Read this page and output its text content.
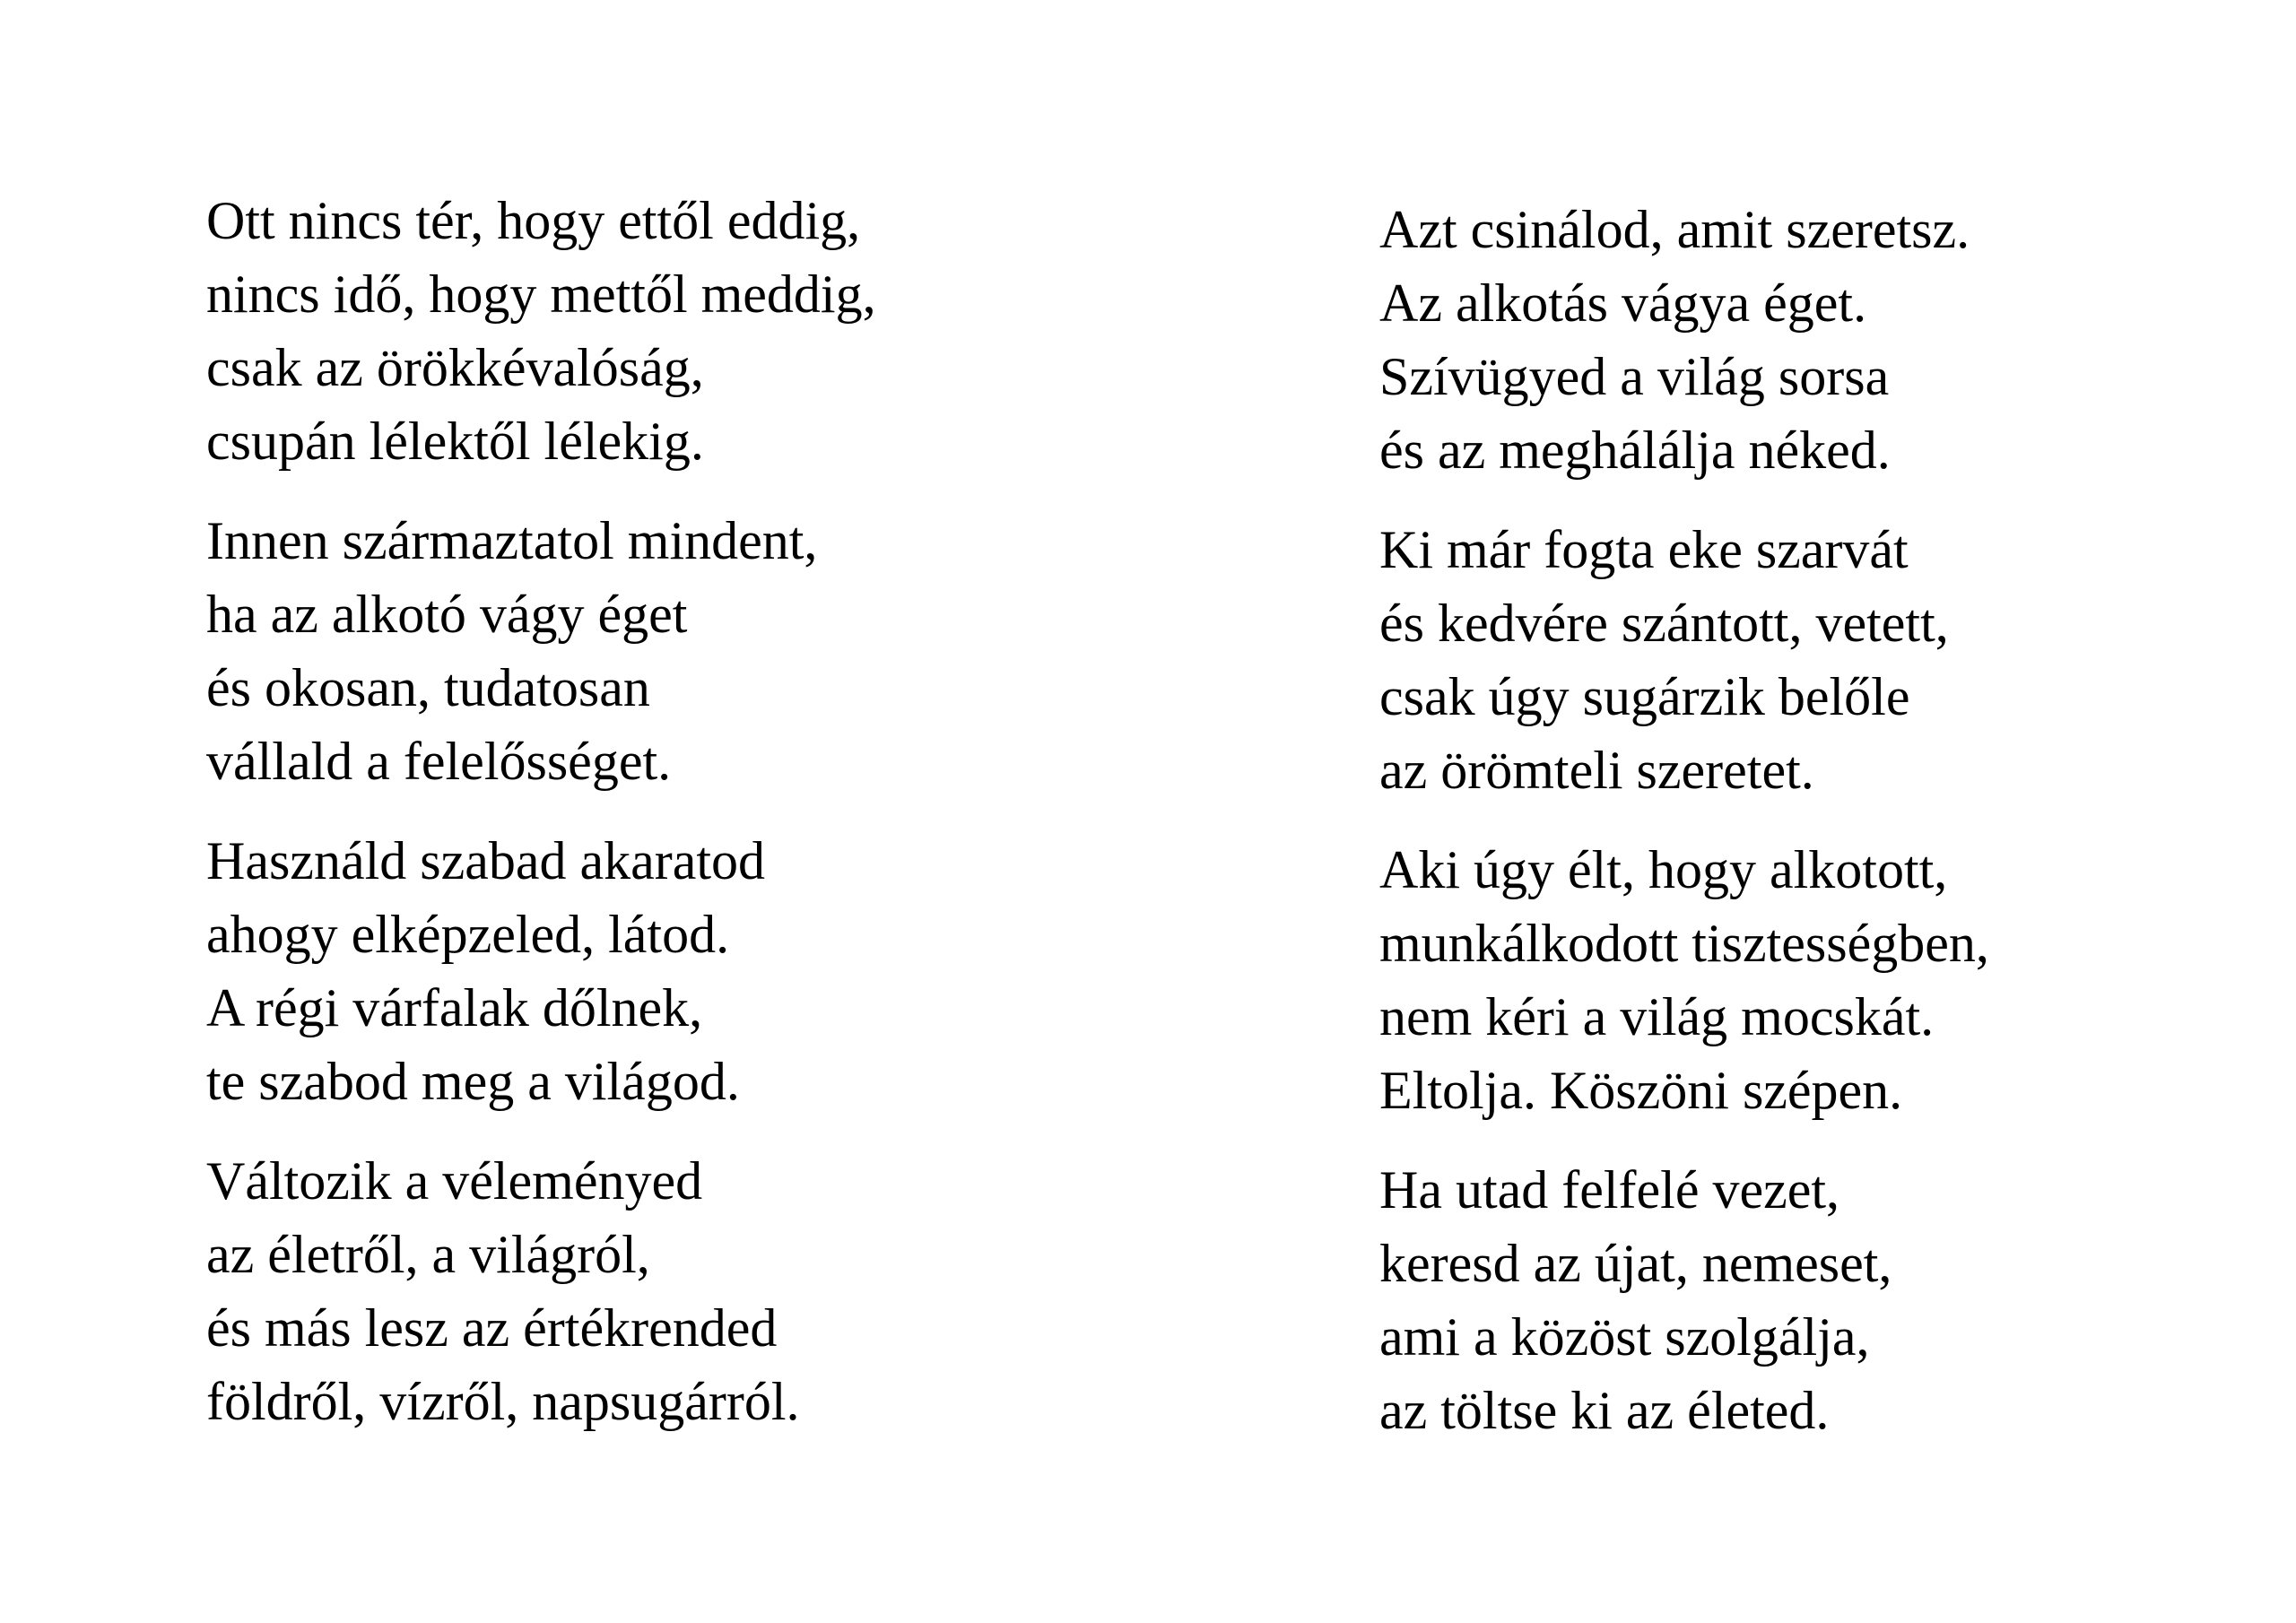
Ott nincs tér, hogy ettől eddig,
nincs idő, hogy mettől meddig,
csak az örökkévalóság,
csupán lélektől lélekig.
Innen származtatol mindent,
ha az alkotó vágy éget
és okosan, tudatosan
vállald a felelősséget.
Használd szabad akaratod
ahogy elképzeled, látod.
A régi várfalak dőlnek,
te szabod meg a világod.
Változik a véleményed
az életről, a világról,
és más lesz az értékrended
földről, vízről, napsugárról.
Azt csinálod, amit szeretsz.
Az alkotás vágya éget.
Szívügyed a világ sorsa
és az meghálálja néked.
Ki már fogta eke szarvát
és kedvére szántott, vetett,
csak úgy sugárzik belőle
az örömteli szeretet.
Aki úgy élt, hogy alkotott,
munkálkodott tisztességben,
nem kéri a világ mocskát.
Eltolja. Köszöni szépen.
Ha utad felfelé vezet,
keresd az újat, nemeset,
ami a közöst szolgálja,
az töltse ki az életed.
